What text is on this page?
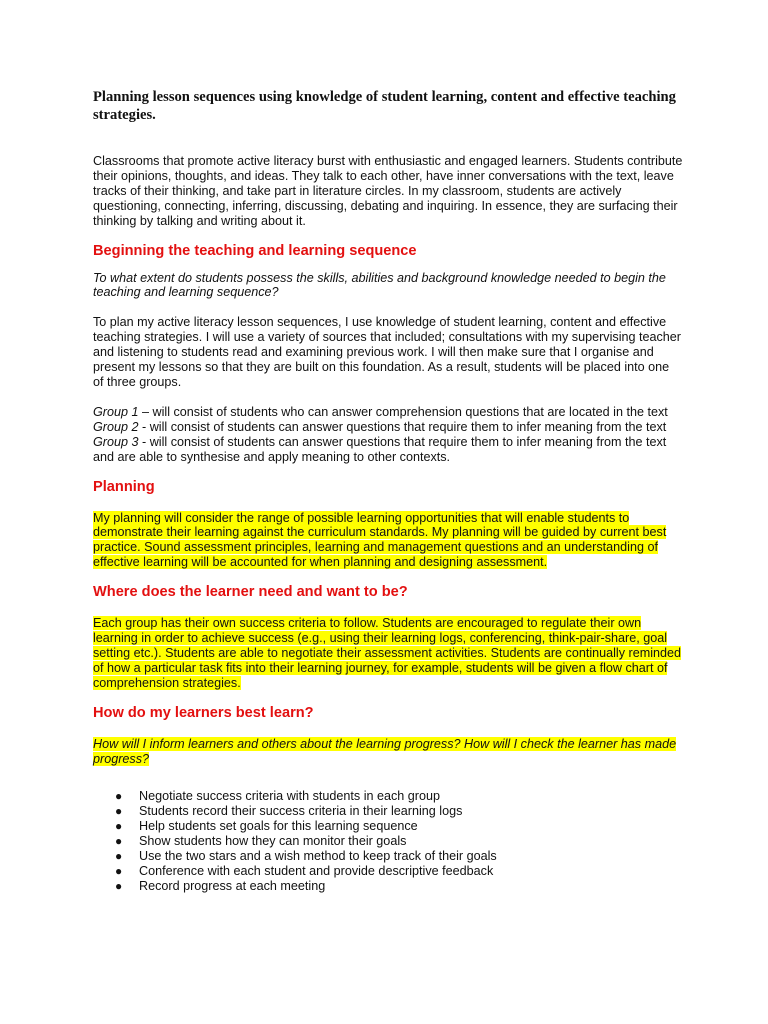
Planning lesson sequences using knowledge of student learning, content and effective teaching strategies.

Classrooms that promote active literacy burst with enthusiastic and engaged learners. Students contribute their opinions, thoughts, and ideas. They talk to each other, have inner conversations with the text, leave tracks of their thinking, and take part in literature circles. In my classroom, students are actively questioning, connecting, inferring, discussing, debating and inquiring. In essence, they are surfacing their thinking by talking and writing about it.

Beginning the teaching and learning sequence

To what extent do students possess the skills, abilities and background knowledge needed to begin the teaching and learning sequence?

To plan my active literacy lesson sequences, I use knowledge of student learning, content and effective teaching strategies. I will use a variety of sources that included; consultations with my supervising teacher and listening to students read and examining previous work. I will then make sure that I organise and present my lessons so that they are built on this foundation. As a result, students will be placed into one of three groups.

Group 1 – will consist of students who can answer comprehension questions that are located in the text
Group 2 - will consist of students can answer questions that require them to infer meaning from the text
Group 3 - will consist of students can answer questions that require them to infer meaning from the text and are able to synthesise and apply meaning to other contexts.

Planning

My planning will consider the range of possible learning opportunities that will enable students to demonstrate their learning against the curriculum standards. My planning will be guided by current best practice. Sound assessment principles, learning and management questions and an understanding of effective learning will be accounted for when planning and designing assessment.

Where does the learner need and want to be?

Each group has their own success criteria to follow. Students are encouraged to regulate their own learning in order to achieve success (e.g., using their learning logs, conferencing, think-pair-share, goal setting etc.). Students are able to negotiate their assessment activities. Students are continually reminded of how a particular task fits into their learning journey, for example, students will be given a flow chart of comprehension strategies.

How do my learners best learn?

How will I inform learners and others about the learning progress? How will I check the learner has made progress?

● Negotiate success criteria with students in each group
● Students record their success criteria in their learning logs
● Help students set goals for this learning sequence
● Show students how they can monitor their goals
● Use the two stars and a wish method to keep track of their goals
● Conference with each student and provide descriptive feedback
● Record progress at each meeting
